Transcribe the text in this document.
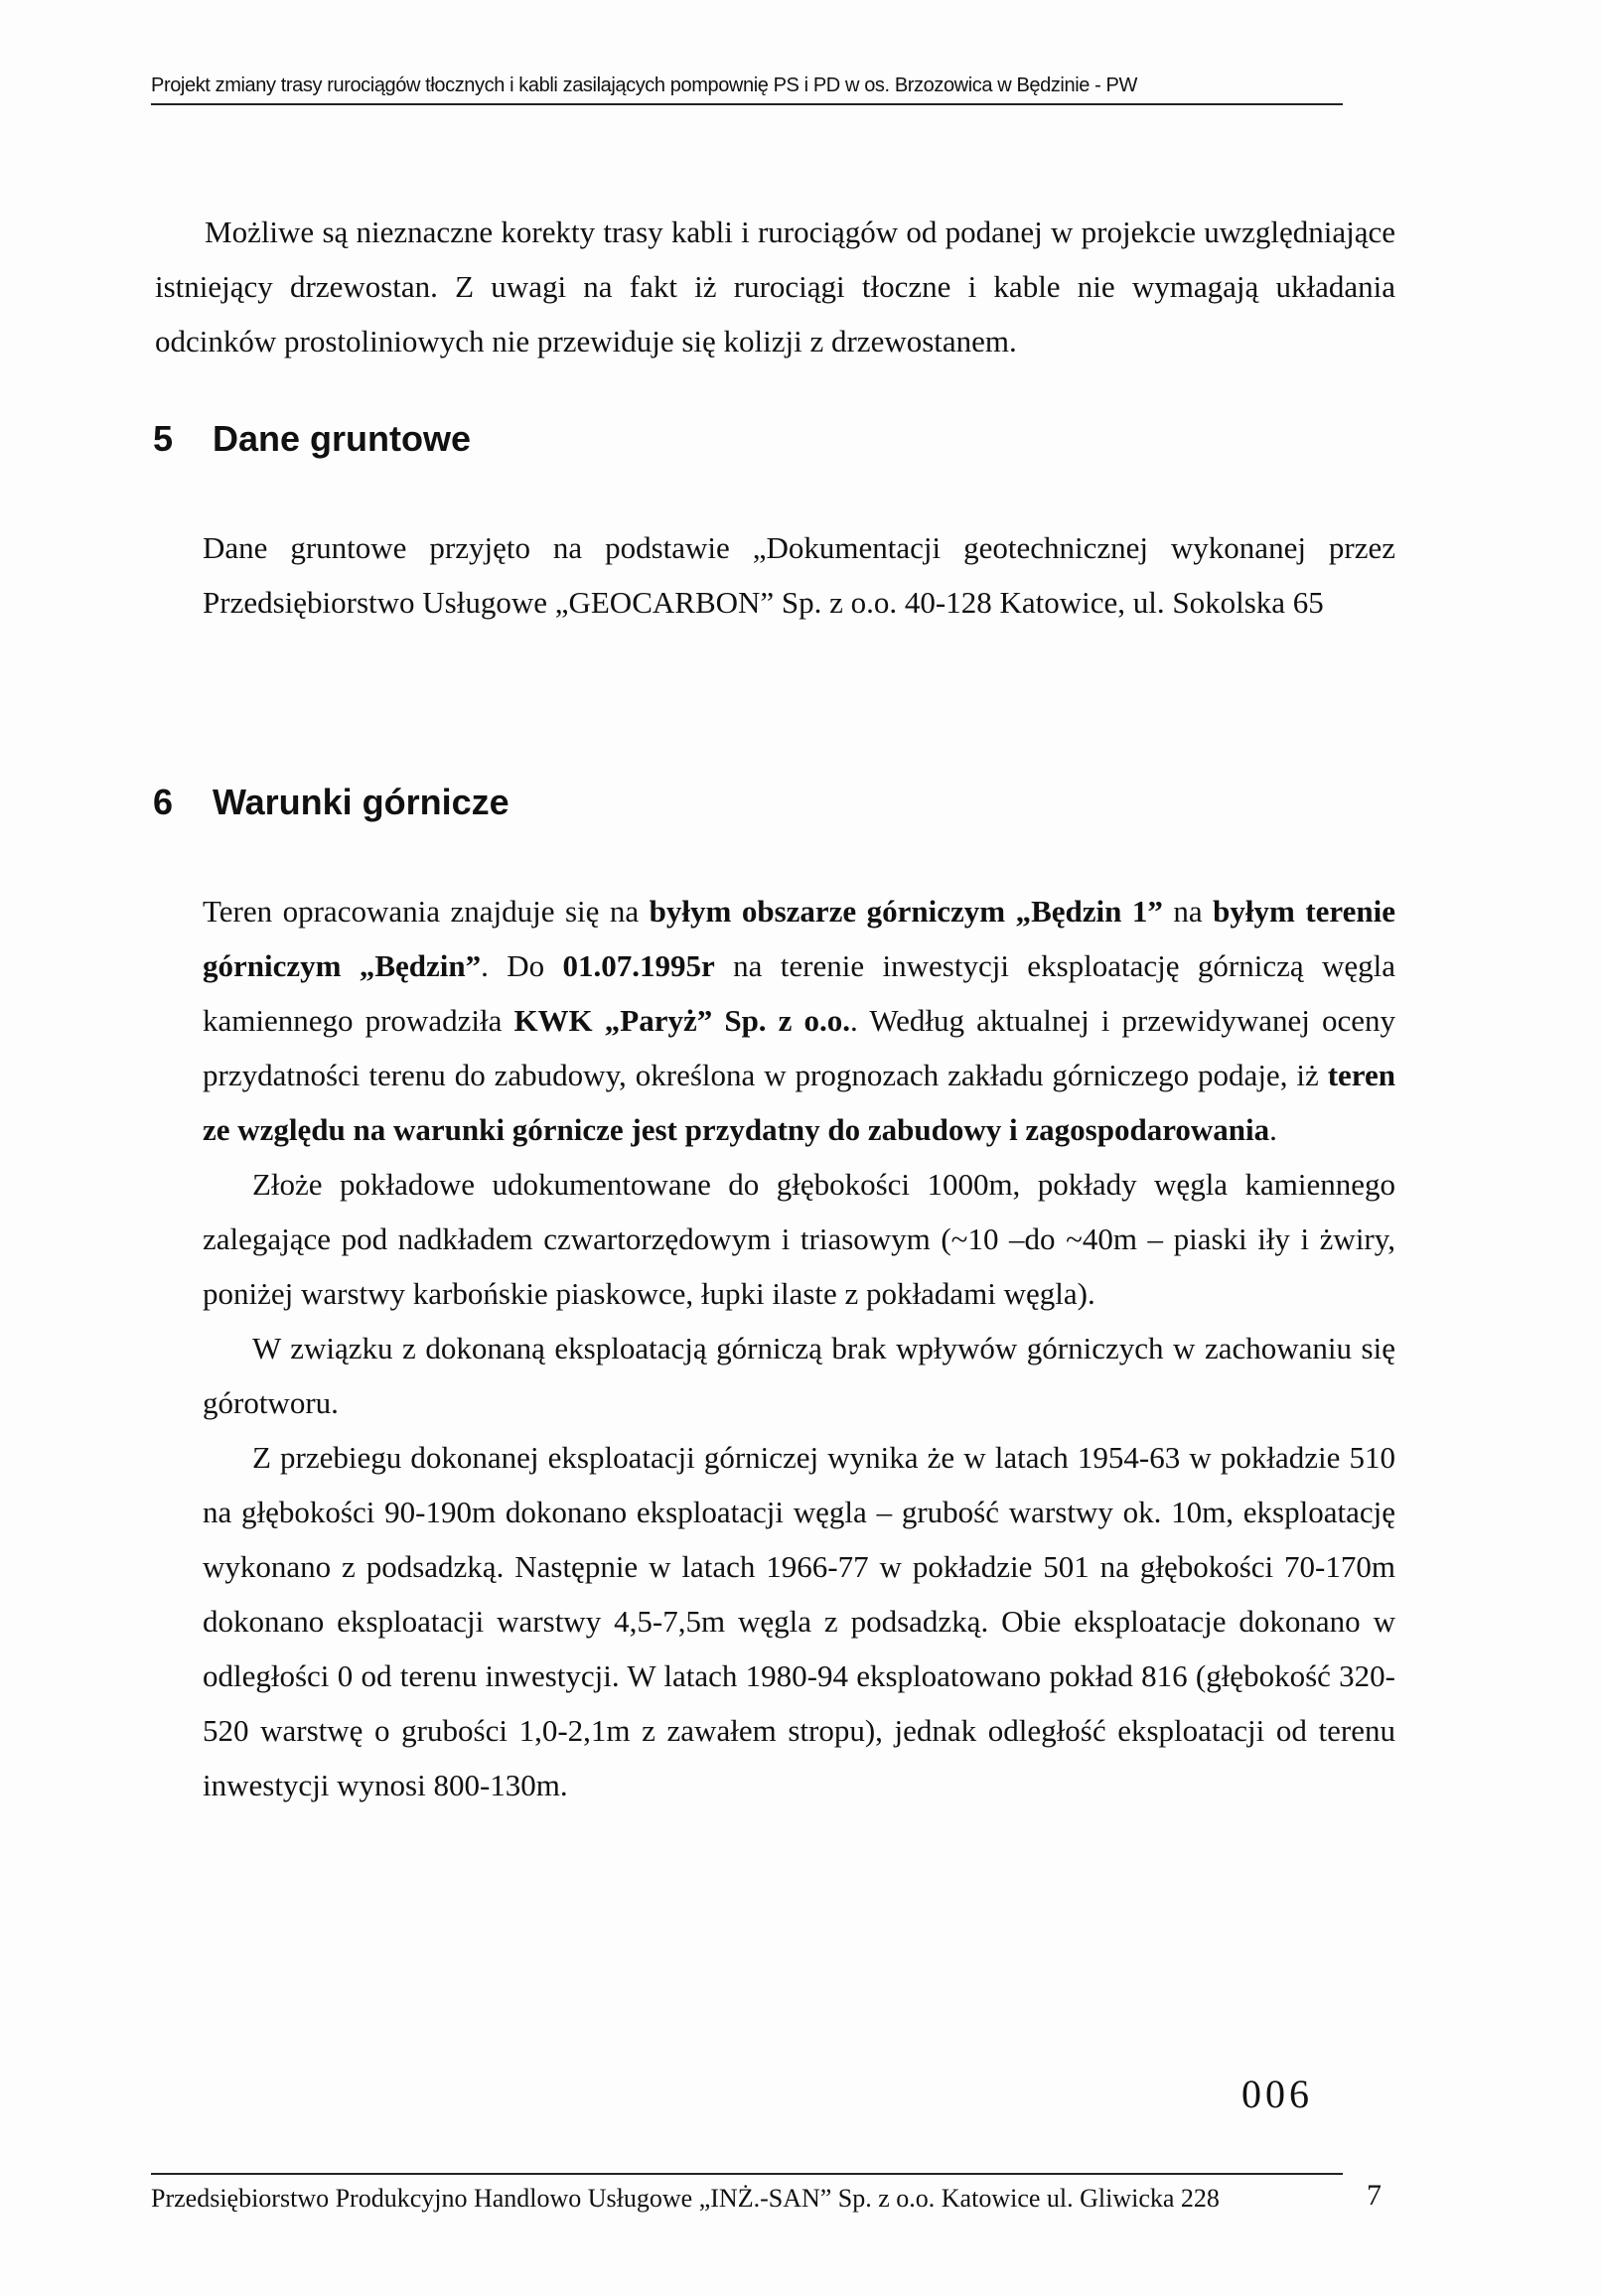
Projekt zmiany trasy rurociągów tłocznych i kabli zasilających pompownię PS i PD w os. Brzozowica w Będzinie - PW

Możliwe są nieznaczne korekty trasy kabli i rurociągów od podanej w projekcie uwzględniające istniejący drzewostan. Z uwagi na fakt iż rurociągi tłoczne i kable nie wymagają układania odcinków prostoliniowych nie przewiduje się kolizji z drzewostanem.

5 Dane gruntowe

Dane gruntowe przyjęto na podstawie „Dokumentacji geotechnicznej wykonanej przez Przedsiębiorstwo Usługowe „GEOCARBON” Sp. z o.o. 40-128 Katowice, ul. Sokolska 65

6 Warunki górnicze

Teren opracowania znajduje się na byłym obszarze górniczym „Będzin 1” na byłym terenie górniczym „Będzin”. Do 01.07.1995r na terenie inwestycji eksploatację górniczą węgla kamiennego prowadziła KWK „Paryż” Sp. z o.o.. Według aktualnej i przewidywanej oceny przydatności terenu do zabudowy, określona w prognozach zakładu górniczego podaje, iż teren ze względu na warunki górnicze jest przydatny do zabudowy i zagospodarowania.

Złoże pokładowe udokumentowane do głębokości 1000m, pokłady węgla kamiennego zalegające pod nadkładem czwartorzędowym i triasowym (~10 –do ~40m – piaski iły i żwiry, poniżej warstwy karbońskie piaskowce, łupki ilaste z pokładami węgla).

W związku z dokonaną eksploatacją górniczą brak wpływów górniczych w zachowaniu się górotworu.

Z przebiegu dokonanej eksploatacji górniczej wynika że w latach 1954-63 w pokładzie 510 na głębokości 90-190m dokonano eksploatacji węgla – grubość warstwy ok. 10m, eksploatację wykonano z podsadzką. Następnie w latach 1966-77 w pokładzie 501 na głębokości 70-170m dokonano eksploatacji warstwy 4,5-7,5m węgla z podsadzką. Obie eksploatacje dokonano w odległości 0 od terenu inwestycji. W latach 1980-94 eksploatowano pokład 816 (głębokość 320-520 warstwę o grubości 1,0-2,1m z zawałem stropu), jednak odległość eksploatacji od terenu inwestycji wynosi 800-130m.

006
Przedsiębiorstwo Produkcyjno Handlowo Usługowe „INŻ.-SAN” Sp. z o.o. Katowice ul. Gliwicka 228	7
